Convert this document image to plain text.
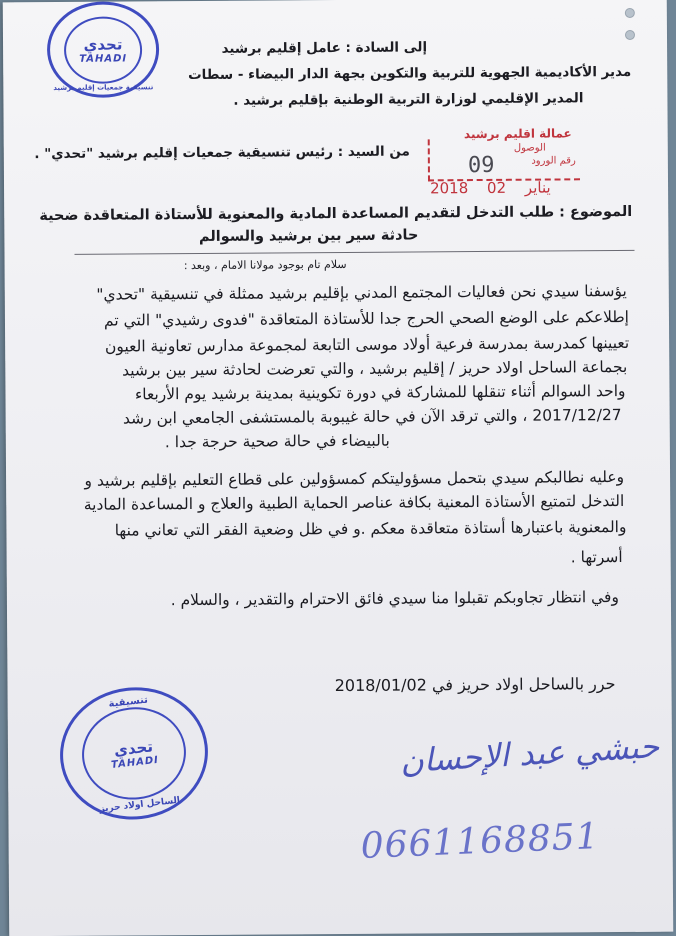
تنسيقية جمعيات إقليم برشيد
تحدي
TAHADI
إلى السادة : عامل إقليم برشيد
مدير الأكاديمية الجهوية للتربية والتكوين بجهة الدار البيضاء - سطات
المدير الإقليمي لوزارة التربية الوطنية بإقليم برشيد .
من السيد : رئيس تنسيقية جمعيات إقليم برشيد "تحدي" .
عمالة اقليم برشيد
الوصول
رقم الورود
09
2018	يناير 02
الموضوع : طلب التدخل لتقديم المساعدة المادية والمعنوية للأستاذة المتعاقدة ضحية
حادثة سير بين برشيد والسوالم
سلام تام بوجود مولانا الامام ، وبعد :
يؤسفنا سيدي نحن فعاليات المجتمع المدني بإقليم برشيد ممثلة في تنسيقية "تحدي"
إطلاعكم على الوضع الصحي الحرج جدا للأستاذة المتعاقدة "فدوى رشيدي" التي تم
تعيينها كمدرسة بمدرسة فرعية أولاد موسى التابعة لمجموعة مدارس تعاونية العيون
بجماعة الساحل اولاد حريز / إقليم برشيد ، والتي تعرضت لحادثة سير بين برشيد
واحد السوالم أثناء تنقلها للمشاركة في دورة تكوينية بمدينة برشيد يوم الأربعاء
2017/12/27 ، والتي ترقد الآن في حالة غيبوبة بالمستشفى الجامعي ابن رشد
بالبيضاء في حالة صحية حرجة جدا .
وعليه نطالبكم سيدي بتحمل مسؤوليتكم كمسؤولين على قطاع التعليم بإقليم برشيد و
التدخل لتمتيع الأستاذة المعنية بكافة عناصر الحماية الطبية والعلاج و المساعدة المادية
والمعنوية باعتبارها أستاذة متعاقدة معكم .و في ظل وضعية الفقر التي تعاني منها
أسرتها .
وفي انتظار تجاوبكم تقبلوا منا سيدي فائق الاحترام والتقدير ، والسلام .
حرر بالساحل اولاد حريز في 2018/01/02
تنسيقية
الساحل اولاد حريز
تحدي
TAHADI	حبشي عبد الإحسان
0661168851
